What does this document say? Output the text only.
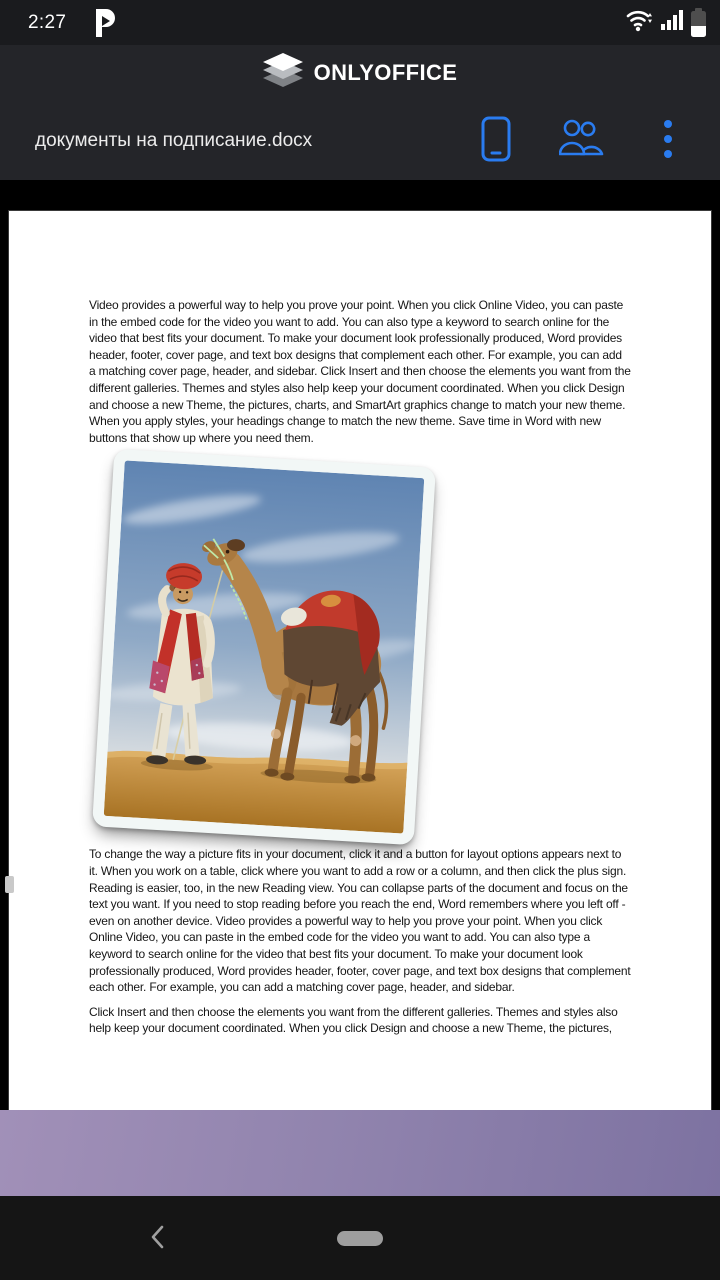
2:27
ONLYOFFICE
документы на подписание.docx

Video provides a powerful way to help you prove your point. When you click Online Video, you can paste in the embed code for the video you want to add. You can also type a keyword to search online for the video that best fits your document. To make your document look professionally produced, Word provides header, footer, cover page, and text box designs that complement each other. For example, you can add a matching cover page, header, and sidebar. Click Insert and then choose the elements you want from the different galleries. Themes and styles also help keep your document coordinated. When you click Design and choose a new Theme, the pictures, charts, and SmartArt graphics change to match your new theme. When you apply styles, your headings change to match the new theme. Save time in Word with new buttons that show up where you need them.

To change the way a picture fits in your document, click it and a button for layout options appears next to it. When you work on a table, click where you want to add a row or a column, and then click the plus sign. Reading is easier, too, in the new Reading view. You can collapse parts of the document and focus on the text you want. If you need to stop reading before you reach the end, Word remembers where you left off - even on another device. Video provides a powerful way to help you prove your point. When you click Online Video, you can paste in the embed code for the video you want to add. You can also type a keyword to search online for the video that best fits your document. To make your document look professionally produced, Word provides header, footer, cover page, and text box designs that complement each other. For example, you can add a matching cover page, header, and sidebar.

Click Insert and then choose the elements you want from the different galleries. Themes and styles also help keep your document coordinated. When you click Design and choose a new Theme, the pictures,
